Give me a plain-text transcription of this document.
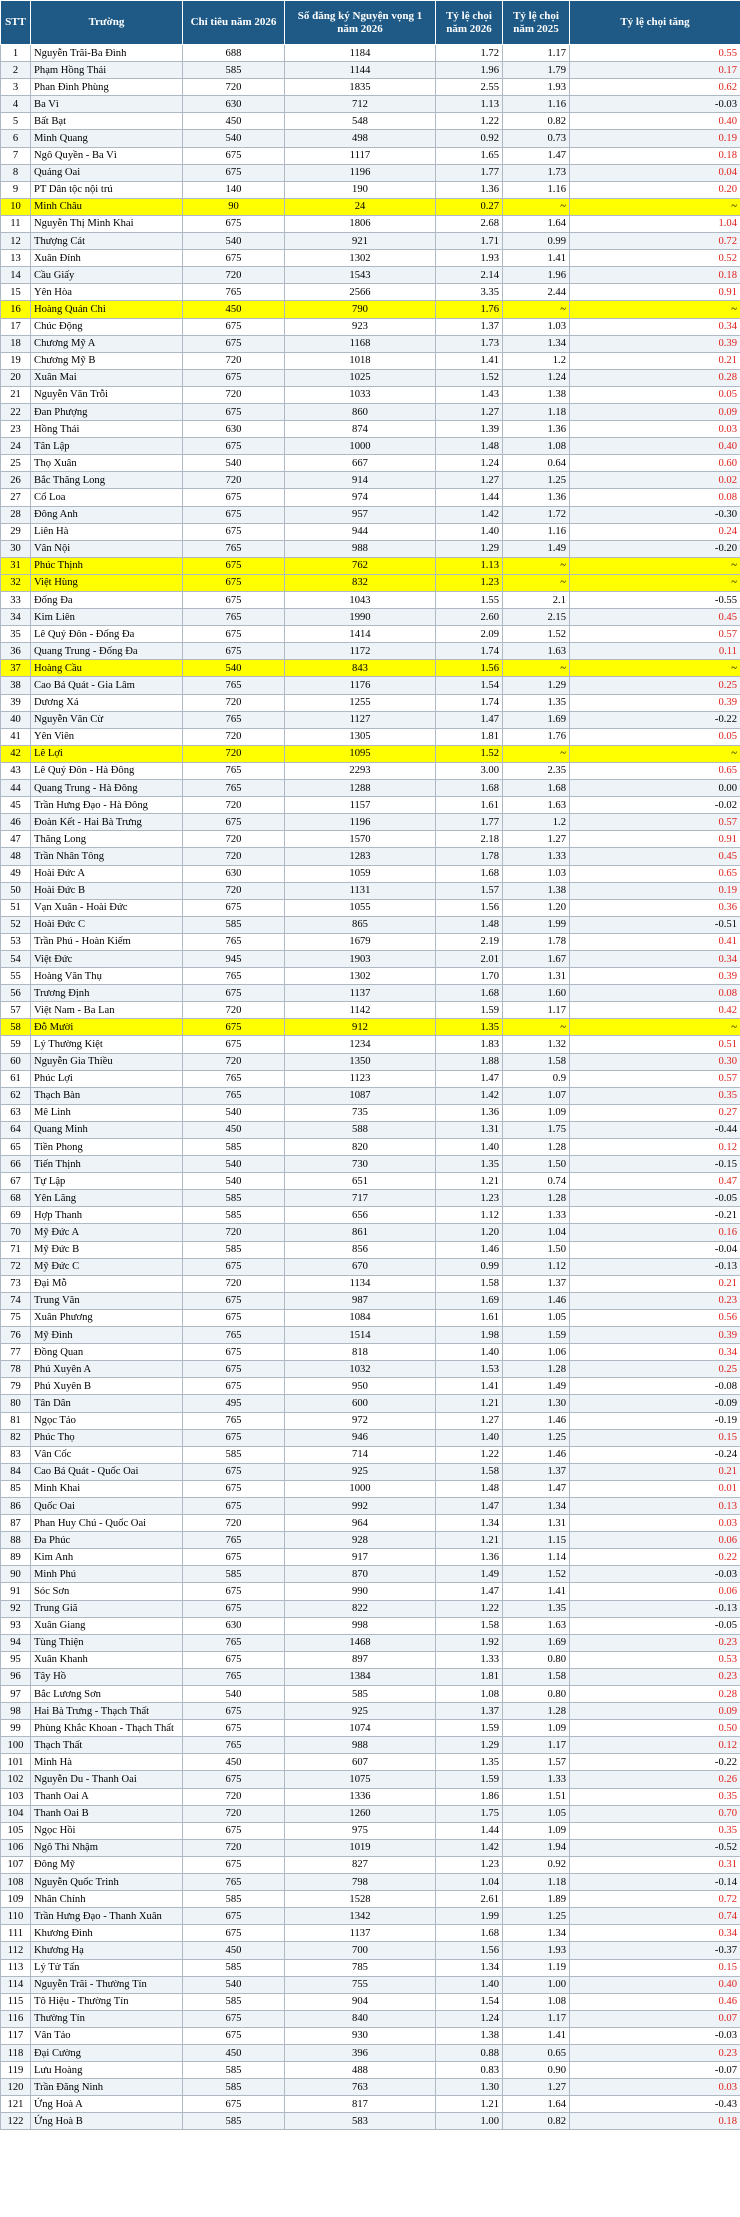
STT	Trường	Chỉ tiêu năm 2026	Số đăng ký Nguyện vọng 1 năm 2026	Tỷ lệ chọi năm 2026	Tỷ lệ chọi năm 2025	Tỷ lệ chọi tăng
1	Nguyễn Trãi-Ba Đình	688	1184	1.72	1.17	0.55
2	Phạm Hồng Thái	585	1144	1.96	1.79	0.17
3	Phan Đình Phùng	720	1835	2.55	1.93	0.62
4	Ba Vì	630	712	1.13	1.16	-0.03
5	Bất Bạt	450	548	1.22	0.82	0.40
6	Minh Quang	540	498	0.92	0.73	0.19
7	Ngô Quyền - Ba Vì	675	1117	1.65	1.47	0.18
8	Quảng Oai	675	1196	1.77	1.73	0.04
9	PT Dân tộc nội trú	140	190	1.36	1.16	0.20
10	Minh Châu	90	24	0.27	~	~
11	Nguyễn Thị Minh Khai	675	1806	2.68	1.64	1.04
12	Thượng Cát	540	921	1.71	0.99	0.72
13	Xuân Đỉnh	675	1302	1.93	1.41	0.52
14	Cầu Giấy	720	1543	2.14	1.96	0.18
15	Yên Hòa	765	2566	3.35	2.44	0.91
16	Hoàng Quán Chi	450	790	1.76	~	~
17	Chúc Động	675	923	1.37	1.03	0.34
18	Chương Mỹ A	675	1168	1.73	1.34	0.39
19	Chương Mỹ B	720	1018	1.41	1.2	0.21
20	Xuân Mai	675	1025	1.52	1.24	0.28
21	Nguyễn Văn Trỗi	720	1033	1.43	1.38	0.05
22	Đan Phượng	675	860	1.27	1.18	0.09
23	Hồng Thái	630	874	1.39	1.36	0.03
24	Tân Lập	675	1000	1.48	1.08	0.40
25	Thọ Xuân	540	667	1.24	0.64	0.60
26	Bắc Thăng Long	720	914	1.27	1.25	0.02
27	Cổ Loa	675	974	1.44	1.36	0.08
28	Đông Anh	675	957	1.42	1.72	-0.30
29	Liên Hà	675	944	1.40	1.16	0.24
30	Vân Nội	765	988	1.29	1.49	-0.20
31	Phúc Thịnh	675	762	1.13	~	~
32	Việt Hùng	675	832	1.23	~	~
33	Đống Đa	675	1043	1.55	2.1	-0.55
34	Kim Liên	765	1990	2.60	2.15	0.45
35	Lê Quý Đôn - Đống Đa	675	1414	2.09	1.52	0.57
36	Quang Trung - Đống Đa	675	1172	1.74	1.63	0.11
37	Hoàng Cầu	540	843	1.56	~	~
38	Cao Bá Quát - Gia Lâm	765	1176	1.54	1.29	0.25
39	Dương Xá	720	1255	1.74	1.35	0.39
40	Nguyễn Văn Cừ	765	1127	1.47	1.69	-0.22
41	Yên Viên	720	1305	1.81	1.76	0.05
42	Lê Lợi	720	1095	1.52	~	~
43	Lê Quý Đôn - Hà Đông	765	2293	3.00	2.35	0.65
44	Quang Trung - Hà Đông	765	1288	1.68	1.68	0.00
45	Trần Hưng Đạo - Hà Đông	720	1157	1.61	1.63	-0.02
46	Đoàn Kết - Hai Bà Trưng	675	1196	1.77	1.2	0.57
47	Thăng Long	720	1570	2.18	1.27	0.91
48	Trần Nhân Tông	720	1283	1.78	1.33	0.45
49	Hoài Đức A	630	1059	1.68	1.03	0.65
50	Hoài Đức B	720	1131	1.57	1.38	0.19
51	Vạn Xuân - Hoài Đức	675	1055	1.56	1.20	0.36
52	Hoài Đức C	585	865	1.48	1.99	-0.51
53	Trần Phú - Hoàn Kiếm	765	1679	2.19	1.78	0.41
54	Việt Đức	945	1903	2.01	1.67	0.34
55	Hoàng Văn Thụ	765	1302	1.70	1.31	0.39
56	Trương Định	675	1137	1.68	1.60	0.08
57	Việt Nam - Ba Lan	720	1142	1.59	1.17	0.42
58	Đỗ Mười	675	912	1.35	~	~
59	Lý Thường Kiệt	675	1234	1.83	1.32	0.51
60	Nguyễn Gia Thiều	720	1350	1.88	1.58	0.30
61	Phúc Lợi	765	1123	1.47	0.9	0.57
62	Thạch Bàn	765	1087	1.42	1.07	0.35
63	Mê Linh	540	735	1.36	1.09	0.27
64	Quang Minh	450	588	1.31	1.75	-0.44
65	Tiền Phong	585	820	1.40	1.28	0.12
66	Tiến Thịnh	540	730	1.35	1.50	-0.15
67	Tự Lập	540	651	1.21	0.74	0.47
68	Yên Lãng	585	717	1.23	1.28	-0.05
69	Hợp Thanh	585	656	1.12	1.33	-0.21
70	Mỹ Đức A	720	861	1.20	1.04	0.16
71	Mỹ Đức B	585	856	1.46	1.50	-0.04
72	Mỹ Đức C	675	670	0.99	1.12	-0.13
73	Đại Mỗ	720	1134	1.58	1.37	0.21
74	Trung Văn	675	987	1.69	1.46	0.23
75	Xuân Phương	675	1084	1.61	1.05	0.56
76	Mỹ Đình	765	1514	1.98	1.59	0.39
77	Đồng Quan	675	818	1.40	1.06	0.34
78	Phú Xuyên A	675	1032	1.53	1.28	0.25
79	Phú Xuyên B	675	950	1.41	1.49	-0.08
80	Tân Dân	495	600	1.21	1.30	-0.09
81	Ngọc Tảo	765	972	1.27	1.46	-0.19
82	Phúc Thọ	675	946	1.40	1.25	0.15
83	Vân Cốc	585	714	1.22	1.46	-0.24
84	Cao Bá Quát - Quốc Oai	675	925	1.58	1.37	0.21
85	Minh Khai	675	1000	1.48	1.47	0.01
86	Quốc Oai	675	992	1.47	1.34	0.13
87	Phan Huy Chú - Quốc Oai	720	964	1.34	1.31	0.03
88	Đa Phúc	765	928	1.21	1.15	0.06
89	Kim Anh	675	917	1.36	1.14	0.22
90	Minh Phú	585	870	1.49	1.52	-0.03
91	Sóc Sơn	675	990	1.47	1.41	0.06
92	Trung Giã	675	822	1.22	1.35	-0.13
93	Xuân Giang	630	998	1.58	1.63	-0.05
94	Tùng Thiện	765	1468	1.92	1.69	0.23
95	Xuân Khanh	675	897	1.33	0.80	0.53
96	Tây Hồ	765	1384	1.81	1.58	0.23
97	Bắc Lương Sơn	540	585	1.08	0.80	0.28
98	Hai Bà Trưng - Thạch Thất	675	925	1.37	1.28	0.09
99	Phùng Khắc Khoan - Thạch Thất	675	1074	1.59	1.09	0.50
100	Thạch Thất	765	988	1.29	1.17	0.12
101	Minh Hà	450	607	1.35	1.57	-0.22
102	Nguyễn Du - Thanh Oai	675	1075	1.59	1.33	0.26
103	Thanh Oai A	720	1336	1.86	1.51	0.35
104	Thanh Oai B	720	1260	1.75	1.05	0.70
105	Ngọc Hồi	675	975	1.44	1.09	0.35
106	Ngô Thì Nhậm	720	1019	1.42	1.94	-0.52
107	Đông Mỹ	675	827	1.23	0.92	0.31
108	Nguyễn Quốc Trinh	765	798	1.04	1.18	-0.14
109	Nhân Chính	585	1528	2.61	1.89	0.72
110	Trần Hưng Đạo - Thanh Xuân	675	1342	1.99	1.25	0.74
111	Khương Đình	675	1137	1.68	1.34	0.34
112	Khương Hạ	450	700	1.56	1.93	-0.37
113	Lý Tử Tấn	585	785	1.34	1.19	0.15
114	Nguyễn Trãi - Thường Tín	540	755	1.40	1.00	0.40
115	Tô Hiệu - Thường Tín	585	904	1.54	1.08	0.46
116	Thường Tín	675	840	1.24	1.17	0.07
117	Vân Tảo	675	930	1.38	1.41	-0.03
118	Đại Cường	450	396	0.88	0.65	0.23
119	Lưu Hoàng	585	488	0.83	0.90	-0.07
120	Trần Đăng Ninh	585	763	1.30	1.27	0.03
121	Ứng Hoà A	675	817	1.21	1.64	-0.43
122	Ứng Hoà B	585	583	1.00	0.82	0.18
